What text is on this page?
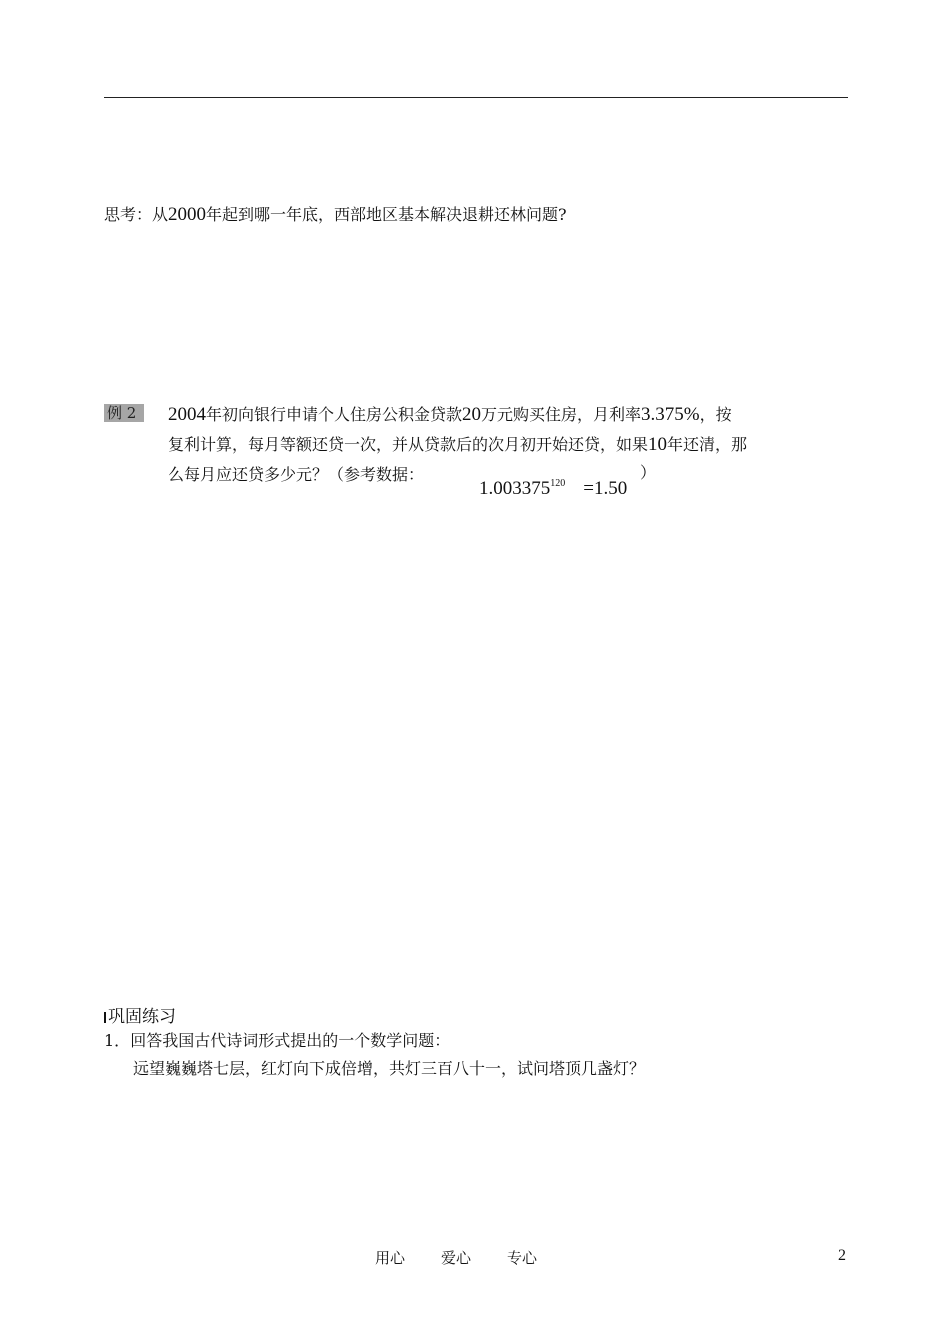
思考：从2000年起到哪一年底，西部地区基本解决退耕还林问题?
例 2	2004年初向银行申请个人住房公积金贷款20万元购买住房，月利率3.375%，按

复利计算，每月等额还贷一次，并从贷款后的次月初开始还贷，如果10年还清，那

么每月应还贷多少元？（参考数据：

$1.003375^{120} =1.50$
）
巩固练习
1．回答我国古代诗词形式提出的一个数学问题：
远望巍巍塔七层，红灯向下成倍增，共灯三百八十一，试问塔顶几盏灯？
用心 爱心 专心	2
